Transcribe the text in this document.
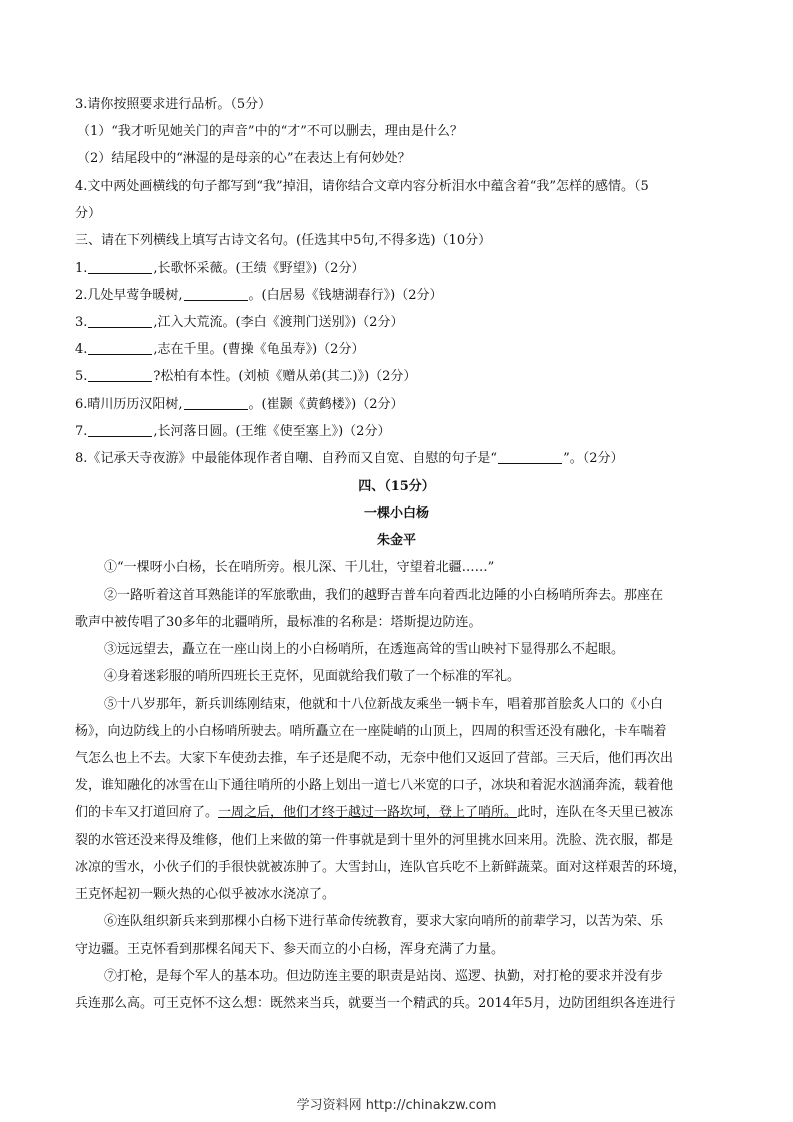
3.请你按照要求进行品析。（5分）
（1）“我才听见她关门的声音”中的“才”不可以删去，理由是什么？
（2）结尾段中的“淋湿的是母亲的心”在表达上有何妙处？
4.文中两处画横线的句子都写到“我”掉泪，请你结合文章内容分析泪水中蕴含着“我”怎样的感情。（5
分）
三、请在下列横线上填写古诗文名句。(任选其中5句,不得多选)（10分）
1.	,长歌怀采薇。(王绩《野望》)（2分）
2.几处早莺争暖树,	。(白居易《钱塘湖春行》)（2分）
3.	,江入大荒流。(李白《渡荆门送别》)（2分）
4.	,志在千里。(曹操《龟虽寿》)（2分）
5.	?松柏有本性。(刘桢《赠从弟(其二)》)（2分）
6.晴川历历汉阳树,	。(崔颢《黄鹤楼》)（2分）
7.	,长河落日圆。(王维《使至塞上》)（2分）
8.《记承天寺夜游》中最能体现作者自嘲、自矜而又自宽、自慰的句子是“	”。（2分）
四、（15分）
一棵小白杨
朱金平
①“一棵呀小白杨，长在哨所旁。根儿深、干儿壮，守望着北疆……”
②一路听着这首耳熟能详的军旅歌曲，我们的越野吉普车向着西北边陲的小白杨哨所奔去。那座在
歌声中被传唱了30多年的北疆哨所，最标准的名称是：塔斯提边防连。
③远远望去，矗立在一座山岗上的小白杨哨所，在透迤高耸的雪山映衬下显得那么不起眼。
④身着迷彩服的哨所四班长王克怀，见面就给我们敬了一个标准的军礼。
⑤十八岁那年，新兵训练刚结束，他就和十八位新战友乘坐一辆卡车，唱着那首脍炙人口的《小白
杨》，向边防线上的小白杨哨所驶去。哨所矗立在一座陡峭的山顶上，四周的积雪还没有融化，卡车喘着
气怎么也上不去。大家下车使劲去推，车子还是爬不动，无奈中他们又返回了营部。三天后，他们再次出
发，谁知融化的冰雪在山下通往哨所的小路上划出一道七八米宽的口子，冰块和着泥水汹涌奔流，载着他
们的卡车又打道回府了。一周之后，他们才终于越过一路坎坷，登上了哨所。此时，连队在冬天里已被冻
裂的水管还没来得及维修，他们上来做的第一件事就是到十里外的河里挑水回来用。洗脸、洗衣服，都是
冰凉的雪水，小伙子们的手很快就被冻肿了。大雪封山，连队官兵吃不上新鲜蔬菜。面对这样艰苦的环境，
王克怀起初一颗火热的心似乎被冰水浇凉了。
⑥连队组织新兵来到那棵小白杨下进行革命传统教育，要求大家向哨所的前辈学习，以苦为荣、乐
守边疆。王克怀看到那棵名闻天下、参天而立的小白杨，浑身充满了力量。
⑦打枪，是每个军人的基本功。但边防连主要的职责是站岗、巡逻、执勤，对打枪的要求并没有步
兵连那么高。可王克怀不这么想：既然来当兵，就要当一个精武的兵。2014年5月，边防团组织各连进行
学习资料网 http://chinakzw.com
